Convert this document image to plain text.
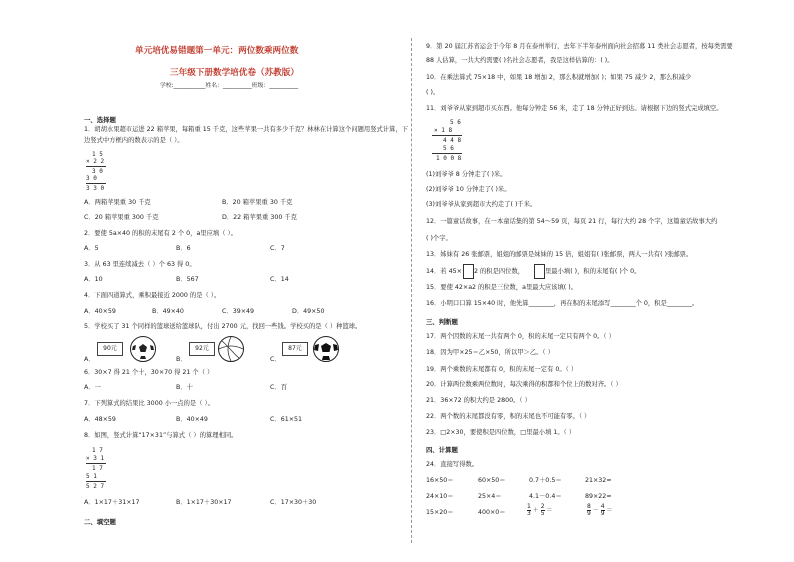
单元培优易错题第一单元：两位数乘两位数
三年级下册数学培优卷（苏教版）
学校:___________姓名：__________班级：__________
一、选择题
1．胡胡水果超市运进 22 箱苹果，每箱重 15 千克，这些苹果一共有多少千克？林林在计算这个问题用竖式计算，下
边竖式中方框内的数表示的是（ ）。
1 5
× 2 2
3 0
3 0
3 3 0
A．两箱苹果重 30 千克	B．20 箱苹果重 30 千克
C．20 箱苹果重 300 千克	D．22 箱苹果重 300 千克
2．要使 5a×40 的积的末尾有 2 个 0，a里应填（ ）。
A．5	B．6	C．7
3．从 63 里连续减去（ ）个 63 得 0。
A．10	B．567	C．14
4．下面四道算式，乘积最接近 2000 的是（ ）。
A．40×59	B．49×40	C．39×49	D．49×50
5．学校买了 31 个同样的篮球送给篮球队，付出 2700 元，找回一些钱。学校买的是（ ）种篮球。
90元	92元	87元
A．	B．	C．
6．30×7 得 21 个十，30×70 得 21 个（ ）
A．一	B．十	C．百
7．下列算式的结果比 3000 小一点的是（ ）。
A．48×59	B．40×49	C．61×51
8．如图，竖式计算“17×31”与算式（ ）的算理相同。
1 7
× 3 1
1 7
5 1
5 2 7
A．1×17＋31×17	B．1×17＋30×17	C．17×30＋30
二、填空题
9．第 20 届江苏省运会于今年 8 月在泰州举行，去年下半年泰州面向社会招募 11 类社会志愿者，按每类需要
88 人估算，一共大约需要( )名社会志愿者，我是这样估算的：( )。
10．在乘法算式 75×18 中，如果 18 增加 2，那么积就增加( )；如果 75 减少 2，那么积减少
( )。
11．刘爷爷从家到超市买东西。他每分钟走 56 米，走了 18 分钟正好到达。请根据下边的竖式完成填空。
5 6
× 1 8
4 4 8
5 6
1 0 0 8
(1)刘爷爷 8 分钟走了( )米。
(2)刘爷爷 10 分钟走了( )米。
(3)刘爷爷从家到超市大约走了( )千米。
12．一篇童话故事，在一本童话集的第 54～59 页，每页 21 行，每行大约 28 个字，这篇童话故事大约
( )个字。
13．姊妹有 26 张邮票，姐姐的邮票是妹妹的 15 倍，姐姐有( )张邮票，两人一共有( )张邮票。
14．若 45× 2 的积是四位数，	里最小填( )，积的末尾有( )个 0。
15．要使 42×a2 的积是三位数，a里最大应该填( )。
16．小明口口算 15×40 时，他先算________，再在积的末尾添写________个 0，积是________。
三、判断题
17．两个因数的末尾一共有两个 0，积的末尾一定只有两个 0。（ ）
18．因为甲×25＝乙×50，所以甲＞乙。（ ）
19．两个乘数的末尾都有 0，积的末尾一定有 0。（ ）
20．计算两位数乘两位数时，每次乘得的积都和个位上的数对齐。（ ）
21．36×72 的积大约是 2800。（ ）
22．两个数的末尾都没有零，积的末尾也不可能有零。（ ）
23．□2×30，要使积是四位数，□里最小填 1。（ ）
四、计算题
24．直接写得数。
16×50＝	60×50＝	0.7＋0.5＝	21×32≈
24×10＝	25×4＝	4.1－0.4＝	89×22≈
15×20＝	400×0＝	$\frac{1}{3} + \frac{2}{5}$ ＝	$\frac{8}{9} - \frac{4}{9}$ ＝
